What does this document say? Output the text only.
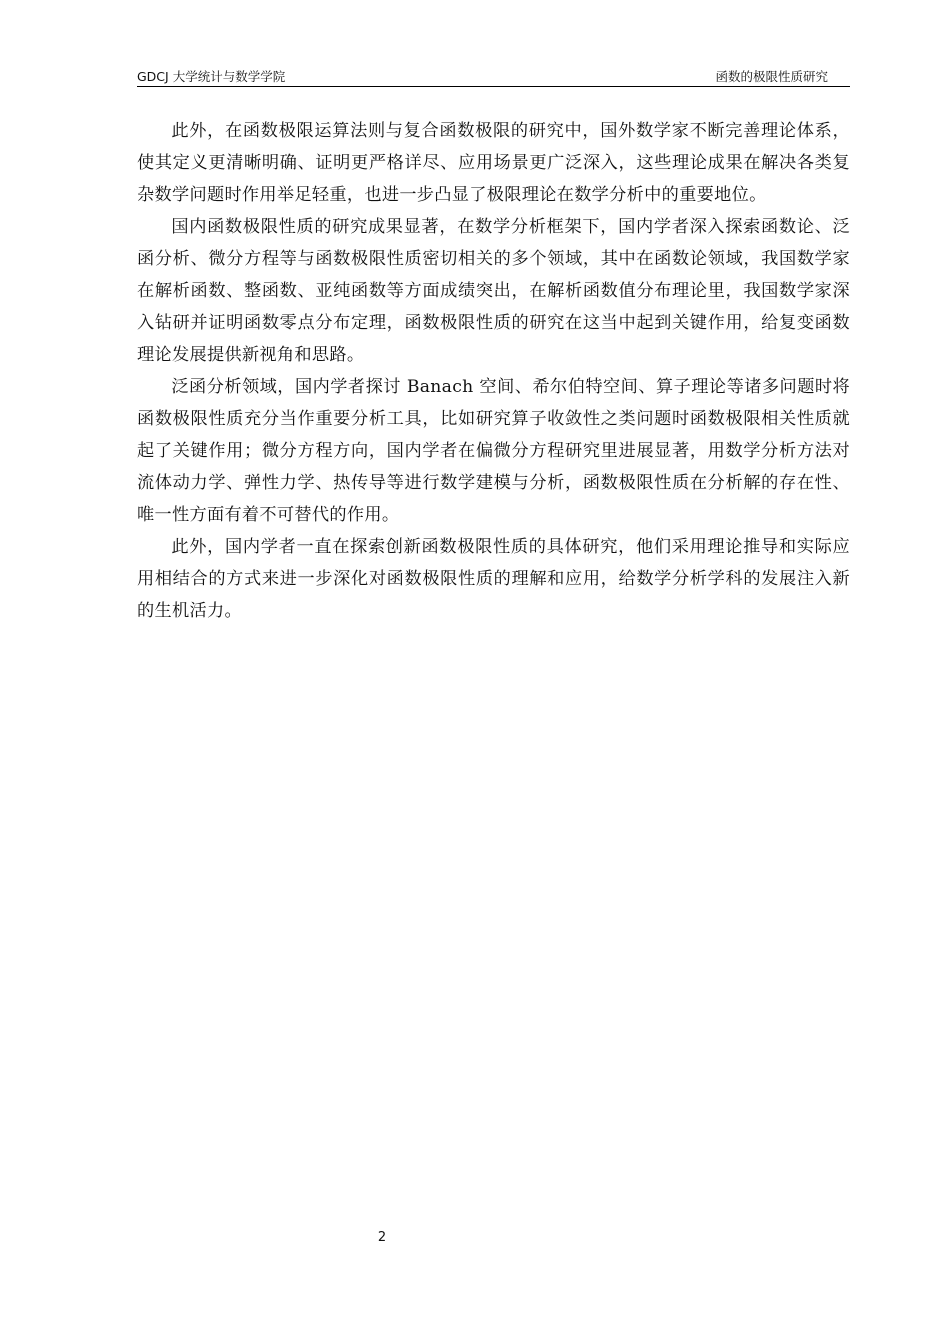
GDCJ 大学统计与数学学院	函数的极限性质研究

此外，在函数极限运算法则与复合函数极限的研究中，国外数学家不断完善理论体系，使其定义更清晰明确、证明更严格详尽、应用场景更广泛深入，这些理论成果在解决各类复杂数学问题时作用举足轻重，也进一步凸显了极限理论在数学分析中的重要地位。

国内函数极限性质的研究成果显著，在数学分析框架下，国内学者深入探索函数论、泛函分析、微分方程等与函数极限性质密切相关的多个领域，其中在函数论领域，我国数学家在解析函数、整函数、亚纯函数等方面成绩突出，在解析函数值分布理论里，我国数学家深入钻研并证明函数零点分布定理，函数极限性质的研究在这当中起到关键作用，给复变函数理论发展提供新视角和思路。

泛函分析领域，国内学者探讨 Banach 空间、希尔伯特空间、算子理论等诸多问题时将函数极限性质充分当作重要分析工具，比如研究算子收敛性之类问题时函数极限相关性质就起了关键作用；微分方程方向，国内学者在偏微分方程研究里进展显著，用数学分析方法对流体动力学、弹性力学、热传导等进行数学建模与分析，函数极限性质在分析解的存在性、唯一性方面有着不可替代的作用。

此外，国内学者一直在探索创新函数极限性质的具体研究，他们采用理论推导和实际应用相结合的方式来进一步深化对函数极限性质的理解和应用，给数学分析学科的发展注入新的生机活力。

2
